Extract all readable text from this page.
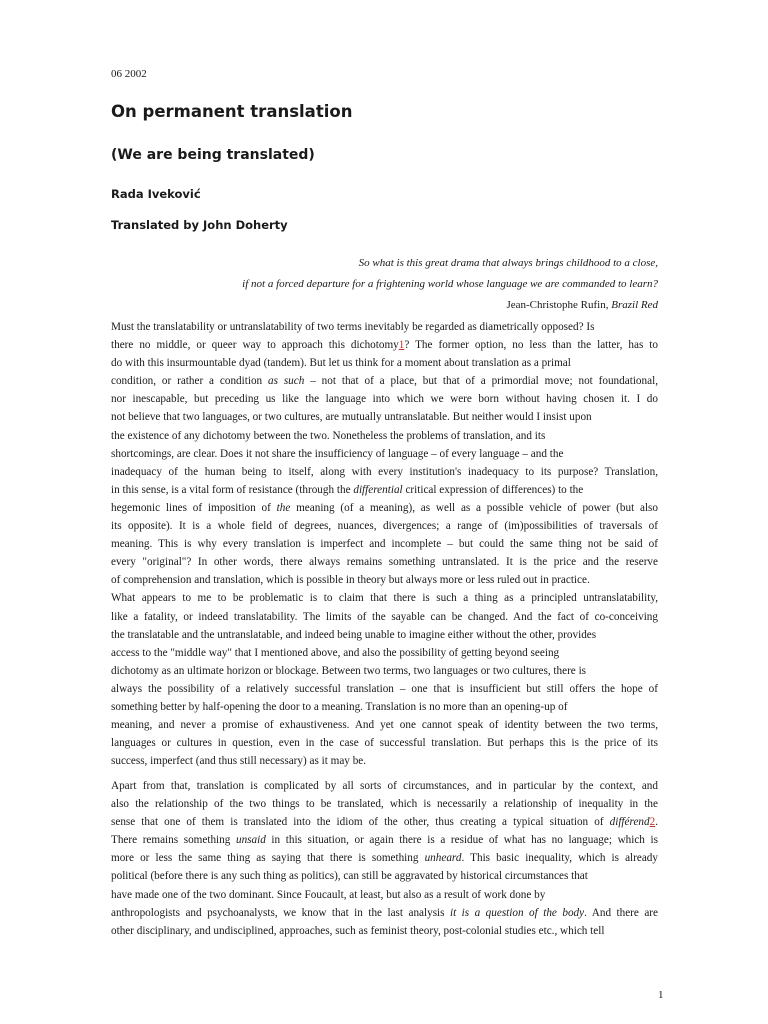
06 2002
On permanent translation
(We are being translated)
Rada Iveković
Translated by John Doherty
So what is this great drama that always brings childhood to a close,
if not a forced departure for a frightening world whose language we are commanded to learn?
Jean-Christophe Rufin, Brazil Red
Must the translatability or untranslatability of two terms inevitably be regarded as diametrically opposed? Is
there no middle, or queer way to approach this dichotomy1? The former option, no less than the latter, has to
do with this insurmountable dyad (tandem). But let us think for a moment about translation as a primal
condition, or rather a condition as such – not that of a place, but that of a primordial move; not foundational,
nor inescapable, but preceding us like the language into which we were born without having chosen it. I do
not believe that two languages, or two cultures, are mutually untranslatable. But neither would I insist upon
the existence of any dichotomy between the two. Nonetheless the problems of translation, and its
shortcomings, are clear. Does it not share the insufficiency of language – of every language – and the
inadequacy of the human being to itself, along with every institution's inadequacy to its purpose? Translation,
in this sense, is a vital form of resistance (through the differential critical expression of differences) to the
hegemonic lines of imposition of the meaning (of a meaning), as well as a possible vehicle of power (but also
its opposite). It is a whole field of degrees, nuances, divergences; a range of (im)possibilities of traversals of
meaning. This is why every translation is imperfect and incomplete – but could the same thing not be said of
every "original"? In other words, there always remains something untranslated. It is the price and the reserve
of comprehension and translation, which is possible in theory but always more or less ruled out in practice.
What appears to me to be problematic is to claim that there is such a thing as a principled untranslatability,
like a fatality, or indeed translatability. The limits of the sayable can be changed. And the fact of co-conceiving
the translatable and the untranslatable, and indeed being unable to imagine either without the other, provides
access to the "middle way" that I mentioned above, and also the possibility of getting beyond seeing
dichotomy as an ultimate horizon or blockage. Between two terms, two languages or two cultures, there is
always the possibility of a relatively successful translation – one that is insufficient but still offers the hope of
something better by half-opening the door to a meaning. Translation is no more than an opening-up of
meaning, and never a promise of exhaustiveness. And yet one cannot speak of identity between the two terms,
languages or cultures in question, even in the case of successful translation. But perhaps this is the price of its
success, imperfect (and thus still necessary) as it may be.
Apart from that, translation is complicated by all sorts of circumstances, and in particular by the context, and
also the relationship of the two things to be translated, which is necessarily a relationship of inequality in the
sense that one of them is translated into the idiom of the other, thus creating a typical situation of différend2.
There remains something unsaid in this situation, or again there is a residue of what has no language; which is
more or less the same thing as saying that there is something unheard. This basic inequality, which is already
political (before there is any such thing as politics), can still be aggravated by historical circumstances that
have made one of the two dominant. Since Foucault, at least, but also as a result of work done by
anthropologists and psychoanalysts, we know that in the last analysis it is a question of the body. And there are
other disciplinary, and undisciplined, approaches, such as feminist theory, post-colonial studies etc., which tell
1
